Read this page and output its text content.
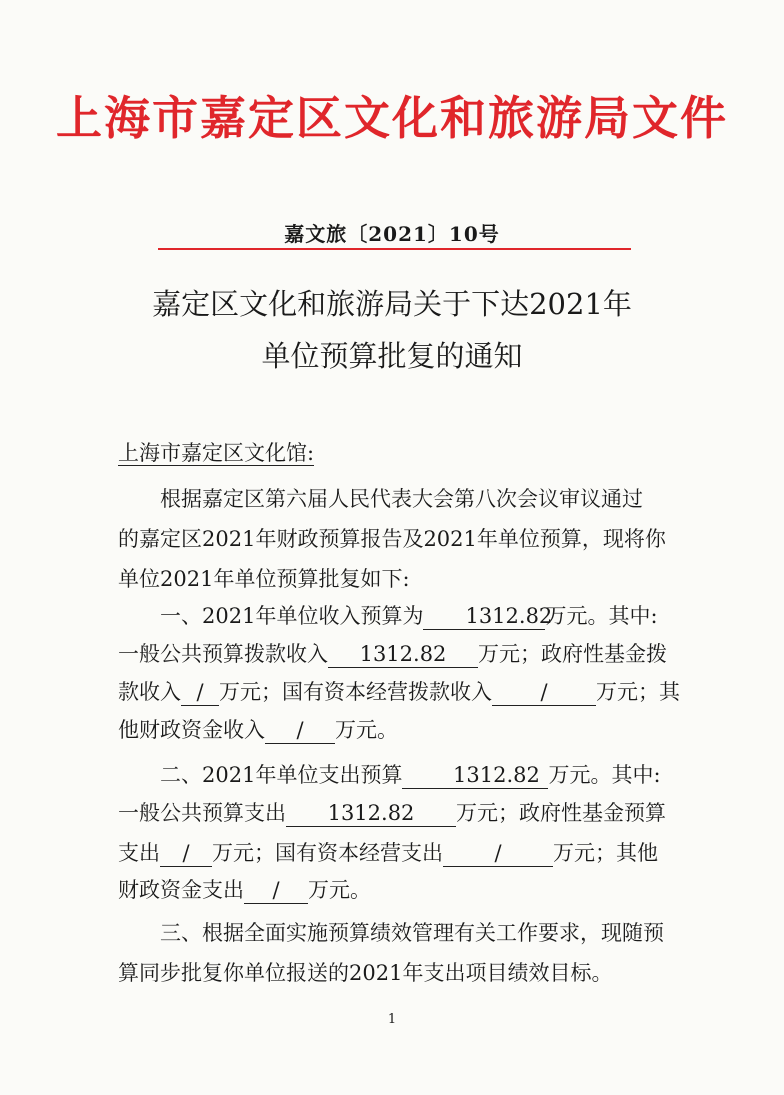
上海市嘉定区文化和旅游局文件
嘉文旅〔2021〕10号
嘉定区文化和旅游局关于下达2021年
单位预算批复的通知
上海市嘉定区文化馆:
根据嘉定区第六届人民代表大会第八次会议审议通过
的嘉定区2021年财政预算报告及2021年单位预算，现将你
单位2021年单位预算批复如下:
一、2021年单位收入预算为 1312.82万元。其中:
一般公共预算拨款收入 1312.82 万元；政府性基金拨
款收入 / 万元；国有资本经营拨款收入 / 万元；其
他财政资金收入 / 万元。
二、2021年单位支出预算 1312.82 万元。其中:
一般公共预算支出 1312.82 万元；政府性基金预算
支出 / 万元；国有资本经营支出 / 万元；其他
财政资金支出 / 万元。
三、根据全面实施预算绩效管理有关工作要求，现随预
算同步批复你单位报送的2021年支出项目绩效目标。
1
